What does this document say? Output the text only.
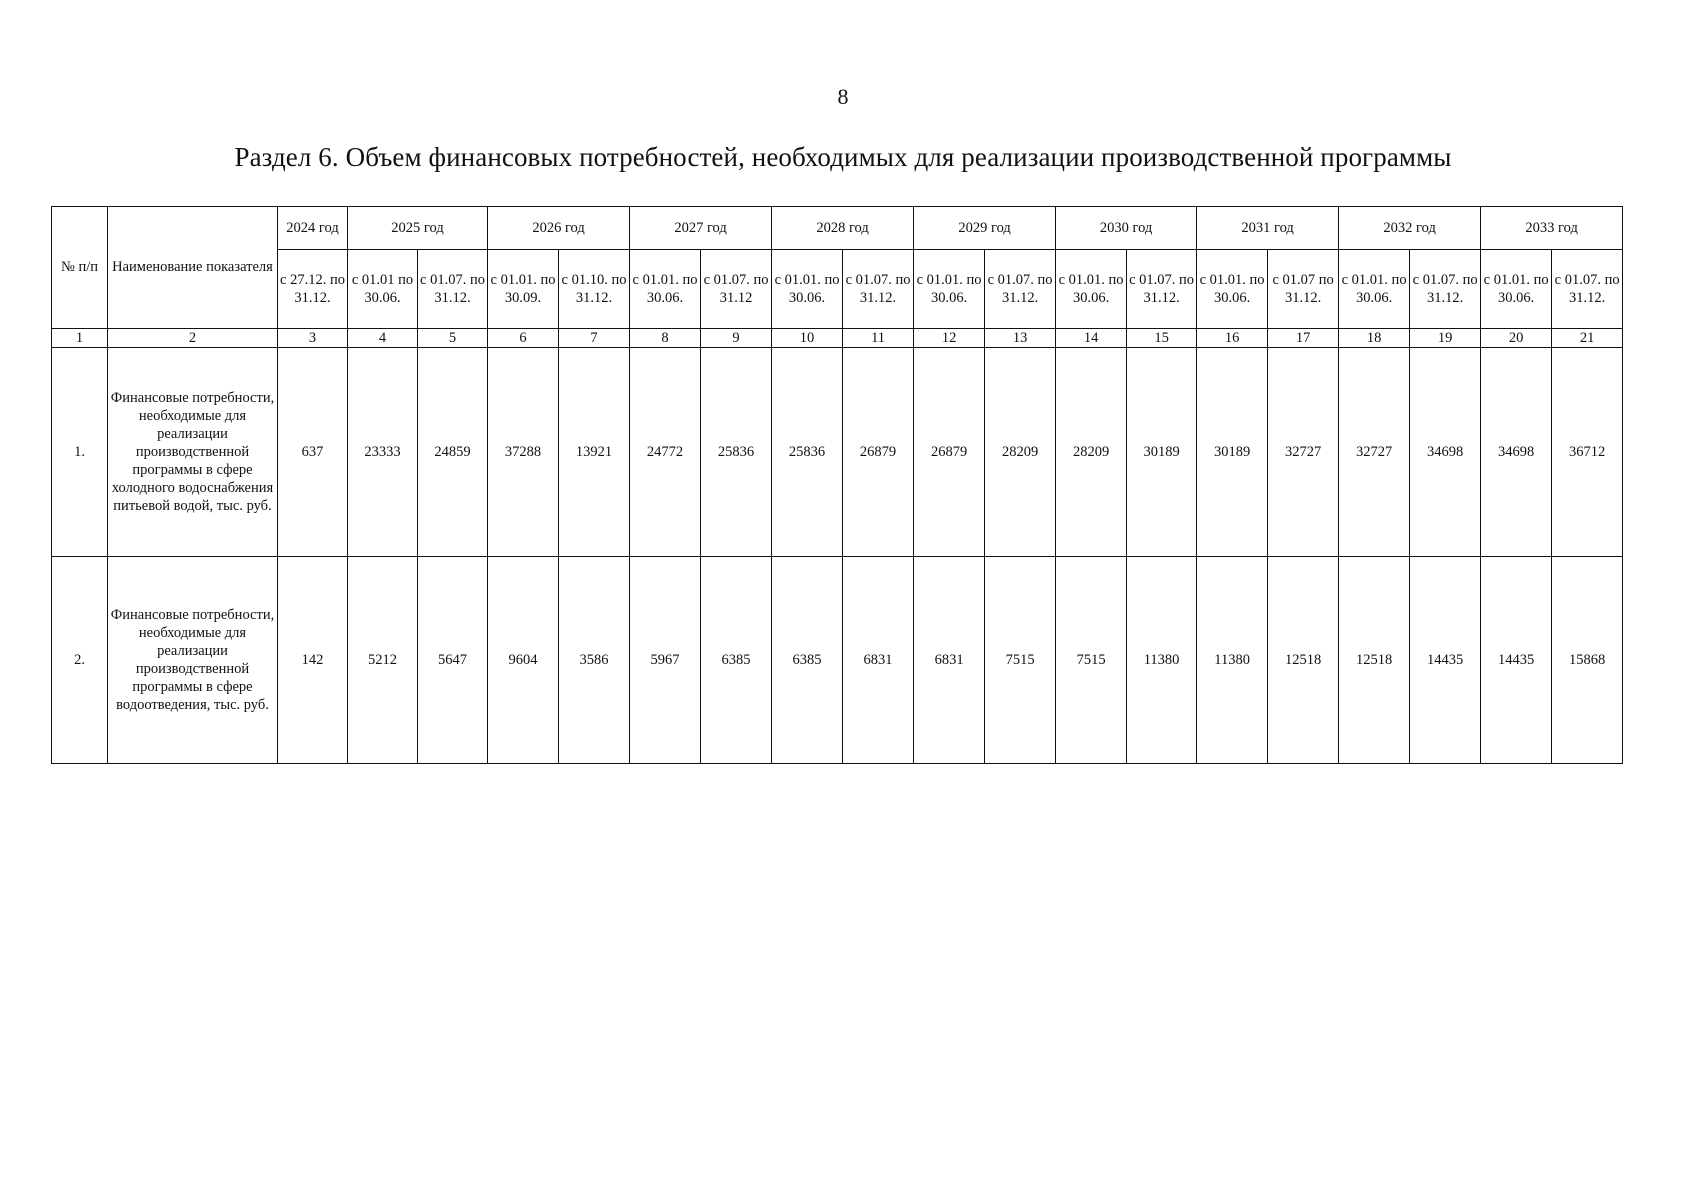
8
Раздел 6. Объем финансовых потребностей, необходимых для реализации производственной программы
№ п/п	Наименование показателя	2024 год	2025 год		2026 год		2027 год		2028 год		2029 год		2030 год		2031 год		2032 год		2033 год	
		с 27.12. по 31.12.	с 01.01 по 30.06.	с 01.07. по 31.12.	с 01.01. по 30.09.	с 01.10. по 31.12.	с 01.01. по 30.06.	с 01.07. по 31.12	с 01.01. по 30.06.	с 01.07. по 31.12.	с 01.01. по 30.06.	с 01.07. по 31.12.	с 01.01. по 30.06.	с 01.07. по 31.12.	с 01.01. по 30.06.	с 01.07 по 31.12.	с 01.01. по 30.06.	с 01.07. по 31.12.	с 01.01. по 30.06.	с 01.07. по 31.12.
1	2	3	4	5	6	7	8	9	10	11	12	13	14	15	16	17	18	19	20	21
1.	Финансовые потребности, необходимые для реализации производственной программы в сфере холодного водоснабжения питьевой водой, тыс. руб.	637	23333	24859	37288	13921	24772	25836	25836	26879	26879	28209	28209	30189	30189	32727	32727	34698	34698	36712
2.	Финансовые потребности, необходимые для реализации производственной программы в сфере водоотведения, тыс. руб.	142	5212	5647	9604	3586	5967	6385	6385	6831	6831	7515	7515	11380	11380	12518	12518	14435	14435	15868
